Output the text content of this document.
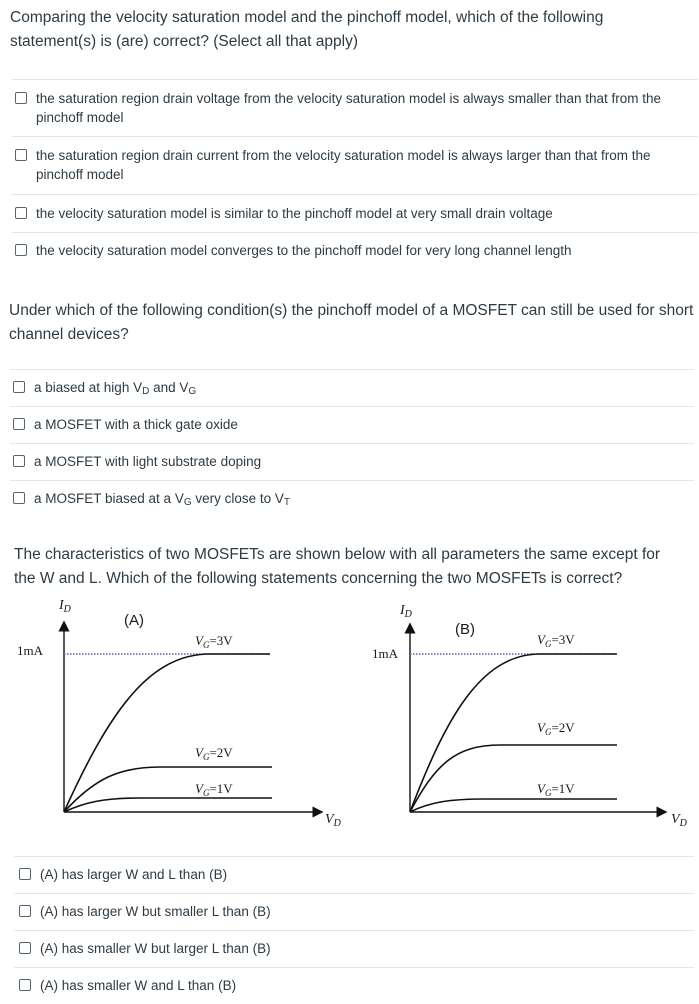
Comparing the velocity saturation model and the pinchoff model, which of the following statement(s) is (are) correct? (Select all that apply)
the saturation region drain voltage from the velocity saturation model is always smaller than that from the pinchoff model
the saturation region drain current from the velocity saturation model is always larger than that from the pinchoff model
the velocity saturation model is similar to the pinchoff model at very small drain voltage
the velocity saturation model converges to the pinchoff model for very long channel length
Under which of the following condition(s) the pinchoff model of a MOSFET can still be used for short channel devices?
a biased at high $V_D$ and $V_G$
a MOSFET with a thick gate oxide
a MOSFET with light substrate doping
a MOSFET biased at a $V_G$ very close to $V_T$
The characteristics of two MOSFETs are shown below with all parameters the same except for the W and L. Which of the following statements concerning the two MOSFETs is correct?
$I_D$
(A)
$V_D$
1mA
$V_G=3V$
$V_G=2V$
$V_G=1V$
$I_D$
(B)
$V_D$
1mA
$V_G=3V$
$V_G=2V$
$V_G=1V$
(A) has larger W and L than (B)
(A) has larger W but smaller L than (B)
(A) has smaller W but larger L than (B)
(A) has smaller W and L than (B)
